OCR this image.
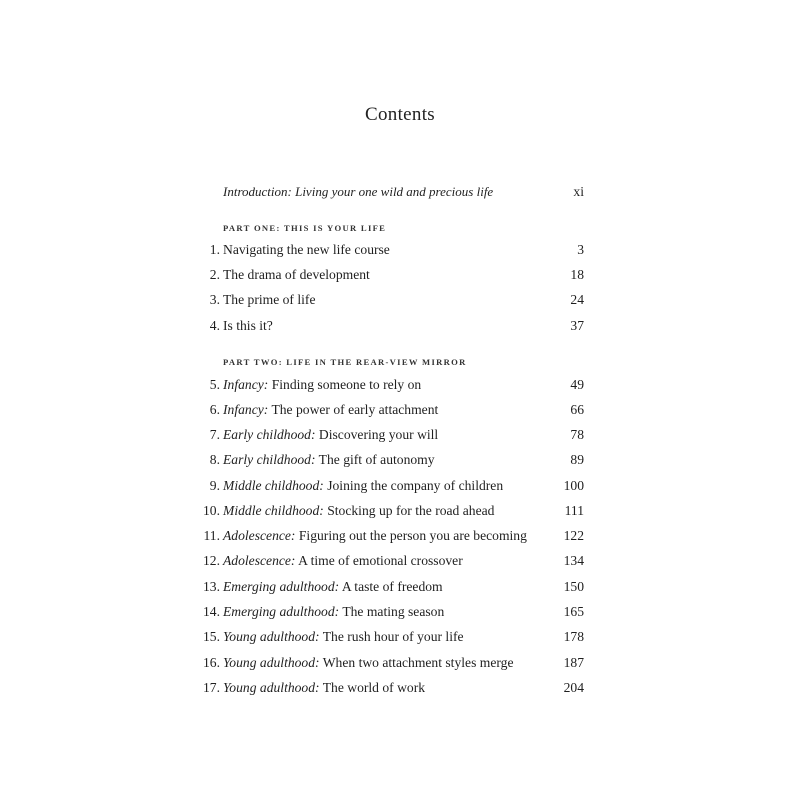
Contents
Introduction: Living your one wild and precious life	xi
PART ONE: THIS IS YOUR LIFE
1. Navigating the new life course	3
2. The drama of development	18
3. The prime of life	24
4. Is this it?	37
PART TWO: LIFE IN THE REAR-VIEW MIRROR
5. Infancy: Finding someone to rely on	49
6. Infancy: The power of early attachment	66
7. Early childhood: Discovering your will	78
8. Early childhood: The gift of autonomy	89
9. Middle childhood: Joining the company of children	100
10. Middle childhood: Stocking up for the road ahead	111
11. Adolescence: Figuring out the person you are becoming	122
12. Adolescence: A time of emotional crossover	134
13. Emerging adulthood: A taste of freedom	150
14. Emerging adulthood: The mating season	165
15. Young adulthood: The rush hour of your life	178
16. Young adulthood: When two attachment styles merge	187
17. Young adulthood: The world of work	204
